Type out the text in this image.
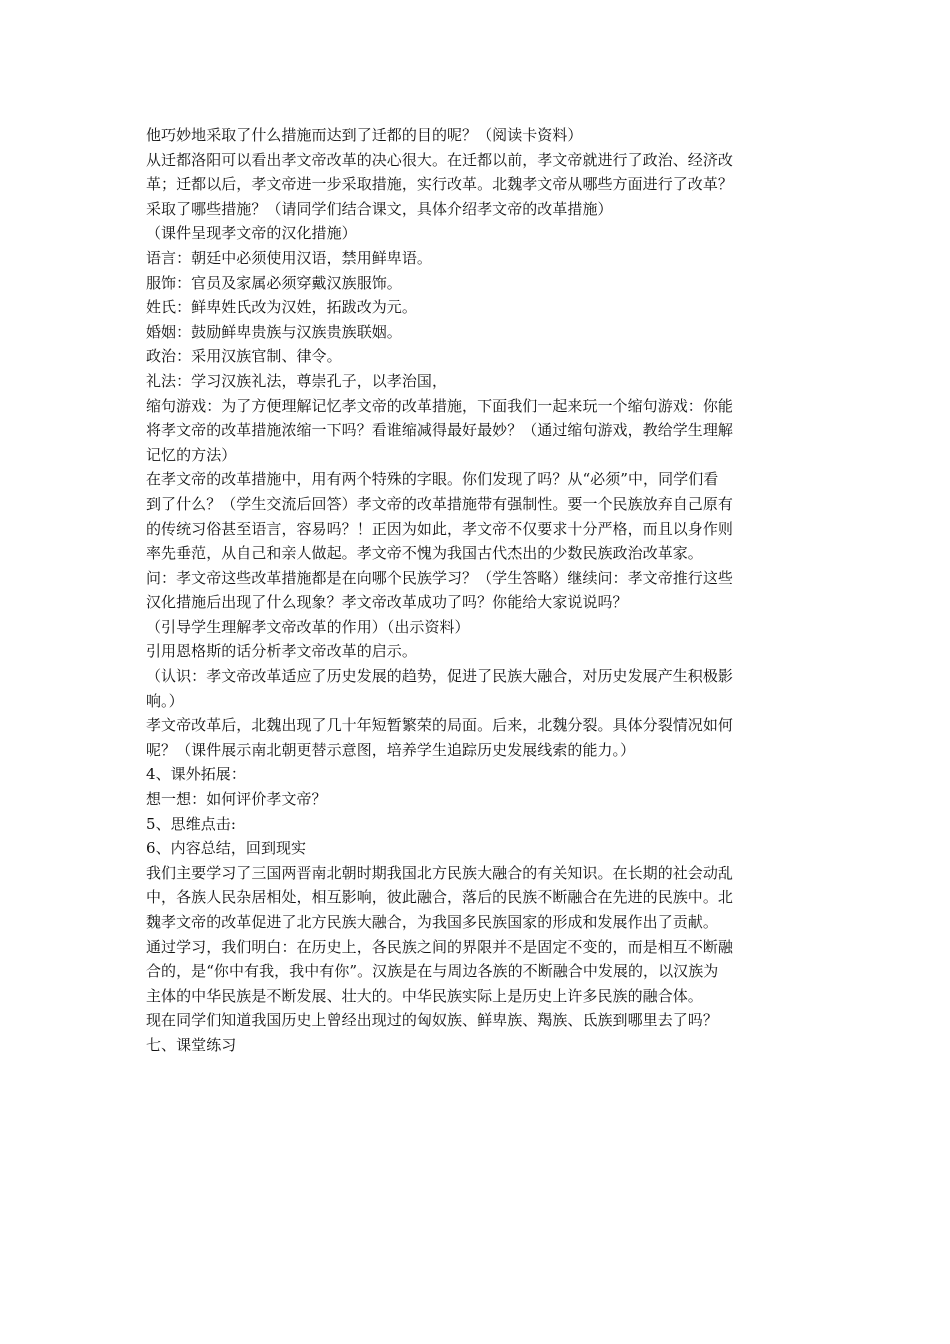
他巧妙地采取了什么措施而达到了迁都的目的呢？（阅读卡资料）
从迁都洛阳可以看出孝文帝改革的决心很大。在迁都以前，孝文帝就进行了政治、经济改
革；迁都以后，孝文帝进一步采取措施，实行改革。北魏孝文帝从哪些方面进行了改革？
采取了哪些措施？（请同学们结合课文，具体介绍孝文帝的改革措施）
（课件呈现孝文帝的汉化措施）
语言：朝廷中必须使用汉语，禁用鲜卑语。
服饰：官员及家属必须穿戴汉族服饰。
姓氏：鲜卑姓氏改为汉姓，拓跋改为元。
婚姻：鼓励鲜卑贵族与汉族贵族联姻。
政治：采用汉族官制、律令。
礼法：学习汉族礼法，尊崇孔子，以孝治国，
缩句游戏：为了方便理解记忆孝文帝的改革措施，下面我们一起来玩一个缩句游戏：你能
将孝文帝的改革措施浓缩一下吗？看谁缩减得最好最妙？（通过缩句游戏，教给学生理解
记忆的方法）
在孝文帝的改革措施中，用有两个特殊的字眼。你们发现了吗？从“必须”中，同学们看
到了什么？（学生交流后回答）孝文帝的改革措施带有强制性。要一个民族放弃自己原有
的传统习俗甚至语言，容易吗？！正因为如此，孝文帝不仅要求十分严格，而且以身作则
率先垂范，从自己和亲人做起。孝文帝不愧为我国古代杰出的少数民族政治改革家。
问：孝文帝这些改革措施都是在向哪个民族学习？（学生答略）继续问：孝文帝推行这些
汉化措施后出现了什么现象？孝文帝改革成功了吗？你能给大家说说吗？
（引导学生理解孝文帝改革的作用）（出示资料）
引用恩格斯的话分析孝文帝改革的启示。
（认识：孝文帝改革适应了历史发展的趋势，促进了民族大融合，对历史发展产生积极影
响。）
孝文帝改革后，北魏出现了几十年短暂繁荣的局面。后来，北魏分裂。具体分裂情况如何
呢？（课件展示南北朝更替示意图，培养学生追踪历史发展线索的能力。）
4、课外拓展：
想一想：如何评价孝文帝？
5、思维点击:
6、内容总结，回到现实
我们主要学习了三国两晋南北朝时期我国北方民族大融合的有关知识。在长期的社会动乱
中，各族人民杂居相处，相互影响，彼此融合，落后的民族不断融合在先进的民族中。北
魏孝文帝的改革促进了北方民族大融合，为我国多民族国家的形成和发展作出了贡献。
通过学习，我们明白：在历史上，各民族之间的界限并不是固定不变的，而是相互不断融
合的，是“你中有我，我中有你”。汉族是在与周边各族的不断融合中发展的，以汉族为
主体的中华民族是不断发展、壮大的。中华民族实际上是历史上许多民族的融合体。
现在同学们知道我国历史上曾经出现过的匈奴族、鲜卑族、羯族、氐族到哪里去了吗？
七、课堂练习
